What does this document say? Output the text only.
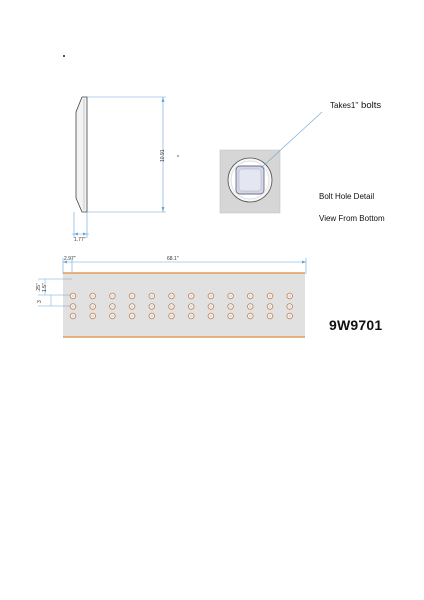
10.91
1.77"
Takes1” bolts
Bolt Hole Detail
View From Bottom
2.97"	68.1"
.25" 1.5"
3
9W9701
